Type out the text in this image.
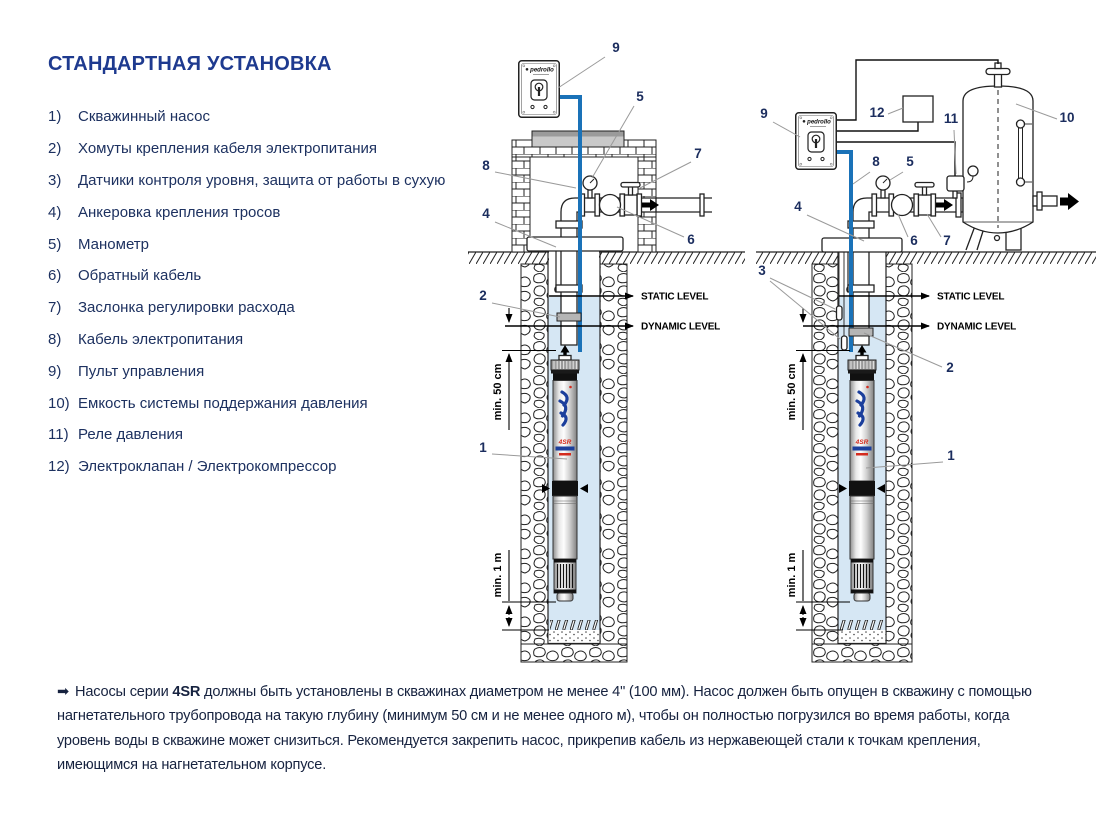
СТАНДАРТНАЯ УСТАНОВКА
1)	Скважинный насос
2)	Хомуты крепления кабеля электропитания
3)	Датчики контроля уровня, защита от работы в сухую
4)	Анкеровка крепления тросов
5)	Манометр
6)	Обратный кабель
7)	Заслонка регулировки расхода
8)	Кабель электропитания
9)	Пульт управления
10) Емкость системы поддержания давления
11) Реле давления
12) Электроклапан / Электрокомпрессор
4SR
pedrollo
STATIC LEVEL
DYNAMIC LEVEL
min. 50 cm
min. 1 m
9
5
7
8
4
6
2
1
STATIC LEVEL
DYNAMIC LEVEL
min. 50 cm
min. 1 m
9	12	11	10
8 5
4
3
6 7
2
1

➡ Насосы серии 4SR должны быть установлены в скважинах диаметром не менее 4" (100 мм). Насос должен быть опущен в скважину с помощью нагнетательного трубопровода на такую глубину (минимум 50 см и не менее одного м), чтобы он полностью погрузился во время работы, когда уровень воды в скважине может снизиться. Рекомендуется закрепить насос, прикрепив кабель из нержавеющей стали к точкам крепления, имеющимся на нагнетательном корпусе.
